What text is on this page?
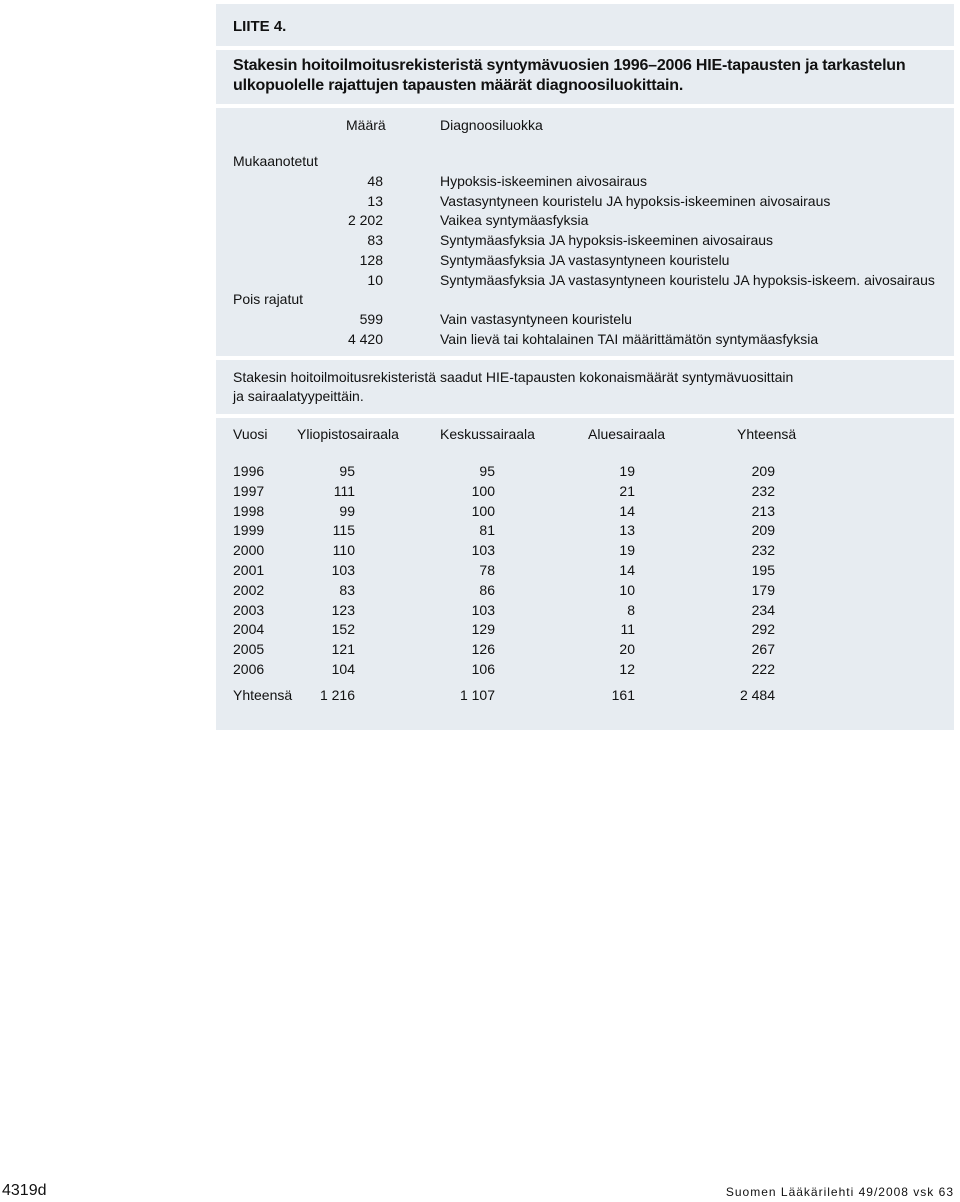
LIITE 4.
Stakesin hoitoilmoitusrekisteristä syntymävuosien 1996–2006 HIE-tapausten ja tarkastelun
ulkopuolelle rajattujen tapausten määrät diagnoosiluokittain.
Määrä	Diagnoosiluokka
Mukaanotetut
48	Hypoksis-iskeeminen aivosairaus
13	Vastasyntyneen kouristelu JA hypoksis-iskeeminen aivosairaus
2 202	Vaikea syntymäasfyksia
83	Syntymäasfyksia JA hypoksis-iskeeminen aivosairaus
128	Syntymäasfyksia JA vastasyntyneen kouristelu
10	Syntymäasfyksia JA vastasyntyneen kouristelu JA hypoksis-iskeem. aivosairaus
Pois rajatut
599	Vain vastasyntyneen kouristelu
4 420	Vain lievä tai kohtalainen TAI määrittämätön syntymäasfyksia
Stakesin hoitoilmoitusrekisteristä saadut HIE-tapausten kokonaismäärät syntymävuosittain
ja sairaalatyypeittäin.
Vuosi Yliopistosairaala	Keskussairaala	Aluesairaala	Yhteensä
1996	95	95	19	209
1997	111	100	21	232
1998	99	100	14	213
1999	115	81	13	209
2000	110	103	19	232
2001	103	78	14	195
2002	83	86	10	179
2003	123	103	8	234
2004	152	129	11	292
2005	121	126	20	267
2006	104	106	12	222
Yhteensä	1 216	1 107	161	2 484
4319d	Suomen Lääkärilehti 49/2008 vsk 63
